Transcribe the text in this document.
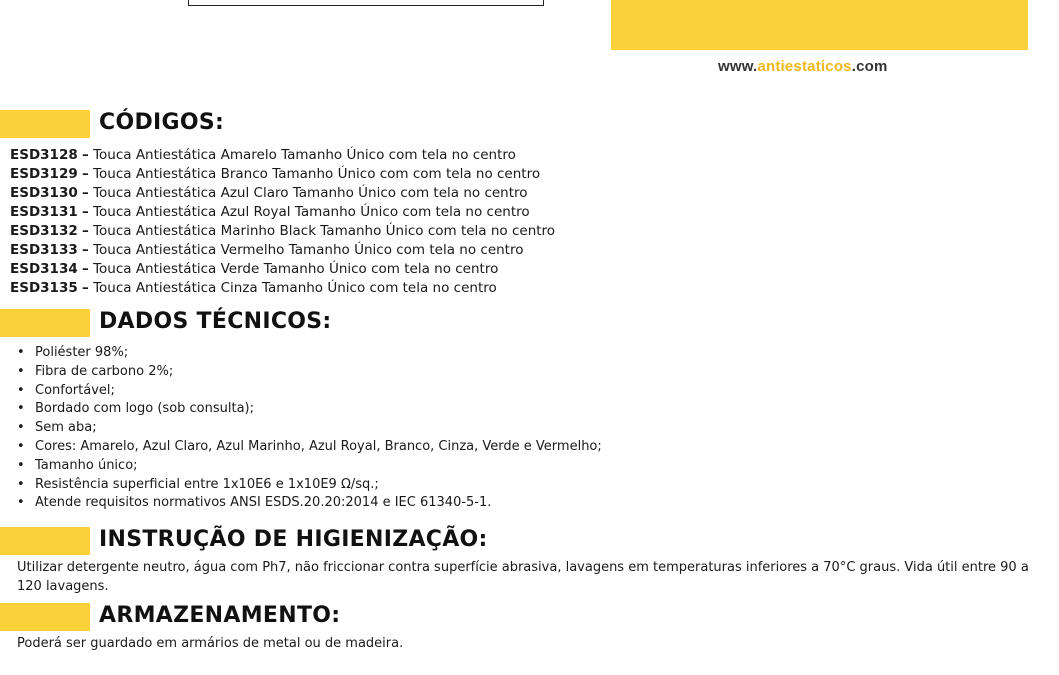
www.antiestaticos.com
CÓDIGOS:
ESD3128 – Touca Antiestática Amarelo Tamanho Único com tela no centro
ESD3129 – Touca Antiestática Branco Tamanho Único com com tela no centro
ESD3130 – Touca Antiestática Azul Claro Tamanho Único com tela no centro
ESD3131 – Touca Antiestática Azul Royal Tamanho Único com tela no centro
ESD3132 – Touca Antiestática Marinho Black Tamanho Único com tela no centro
ESD3133 – Touca Antiestática Vermelho Tamanho Único com tela no centro
ESD3134 – Touca Antiestática Verde Tamanho Único com tela no centro
ESD3135 – Touca Antiestática Cinza Tamanho Único com tela no centro
DADOS TÉCNICOS:
• Poliéster 98%;
• Fibra de carbono 2%;
• Confortável;
• Bordado com logo (sob consulta);
• Sem aba;
• Cores: Amarelo, Azul Claro, Azul Marinho, Azul Royal, Branco, Cinza, Verde e Vermelho;
• Tamanho único;
• Resistência superficial entre 1x10E6 e 1x10E9 Ω/sq.;
• Atende requisitos normativos ANSI ESDS.20.20:2014 e IEC 61340-5-1.
INSTRUÇÃO DE HIGIENIZAÇÃO:
Utilizar detergente neutro, água com Ph7, não friccionar contra superfície abrasiva, lavagens em temperaturas inferiores a 70°C graus. Vida útil entre 90 a 120 lavagens.
ARMAZENAMENTO:
Poderá ser guardado em armários de metal ou de madeira.
